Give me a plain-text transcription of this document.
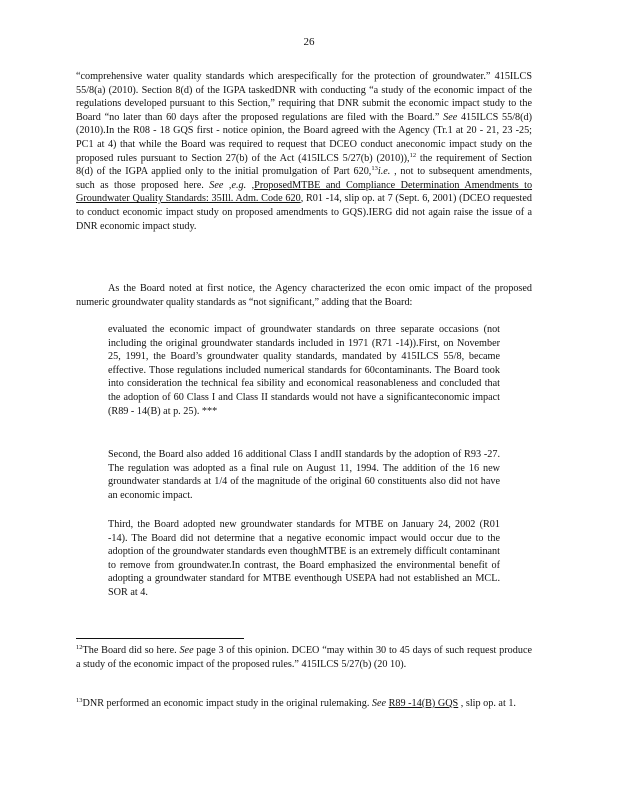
26

“comprehensive water quality standards which arespecifically for the protection of groundwater.” 415ILCS 55/8(a) (2010). Section 8(d) of the IGPA taskedDNR with conducting “a study of the economic impact of the regulations developed pursuant to this Section,” requiring that DNR submit the economic impact study to the Board “no later than 60 days after the proposed regulations are filed with the Board.” See 415ILCS 55/8(d) (2010).In the R08 - 18 GQS first - notice opinion, the Board agreed with the Agency (Tr.1 at 20 - 21, 23 -25; PC1 at 4) that while the Board was required to request that DCEO conduct aneconomic impact study on the proposed rules pursuant to Section 27(b) of the Act (415ILCS 5/27(b) (2010)),$^{12}$ the requirement of Section 8(d) of the IGPA applied only to the initial promulgation of Part 620,13i.e. , not to subsequent amendments, such as those proposed here. See ,e.g. ,ProposedMTBE and Compliance Determination Amendments to Groundwater Quality Standards: 35Ill. Adm. Code 620, R01 -14, slip op. at 7 (Sept. 6, 2001) (DCEO requested to conduct economic impact study on proposed amendments to GQS).IERG did not again raise the issue of a DNR economic impact study.

As the Board noted at first notice, the Agency characterized the econ omic impact of the proposed numeric groundwater quality standards as “not significant,” adding that the Board:

evaluated the economic impact of groundwater standards on three separate occasions (not including the original groundwater standards included in 1971 (R71 -14)).First, on November 25, 1991, the Board’s groundwater quality standards, mandated by 415ILCS 55/8, became effective. Those regulations included numerical standards for 60contaminants. The Board took into consideration the technical fea sibility and economical reasonableness and concluded that the adoption of 60 Class I and Class II standards would not have a significanteconomic impact (R89 - 14(B) at p. 25). ***

Second, the Board also added 16 additional Class I andII standards by the adoption of R93 -27. The regulation was adopted as a final rule on August 11, 1994. The addition of the 16 new groundwater standards at 1/4 of the magnitude of the original 60 constituents also did not have an economic impact.

Third, the Board adopted new groundwater standards for MTBE on January 24, 2002 (R01 -14). The Board did not determine that a negative economic impact would occur due to the adoption of the groundwater standards even thoughMTBE is an extremely difficult contaminant to remove from groundwater.In contrast, the Board emphasized the environmental benefit of adopting a groundwater standard for MTBE eventhough USEPA had not established an MCL. SOR at 4.

$^{12}$The Board did so here. See page 3 of this opinion. DCEO “may within 30 to 45 days of such request produce a study of the economic impact of the proposed rules.” 415ILCS 5/27(b) (20 10).

$^{13}$DNR performed an economic impact study in the original rulemaking. See R89 -14(B) GQS , slip op. at 1.
